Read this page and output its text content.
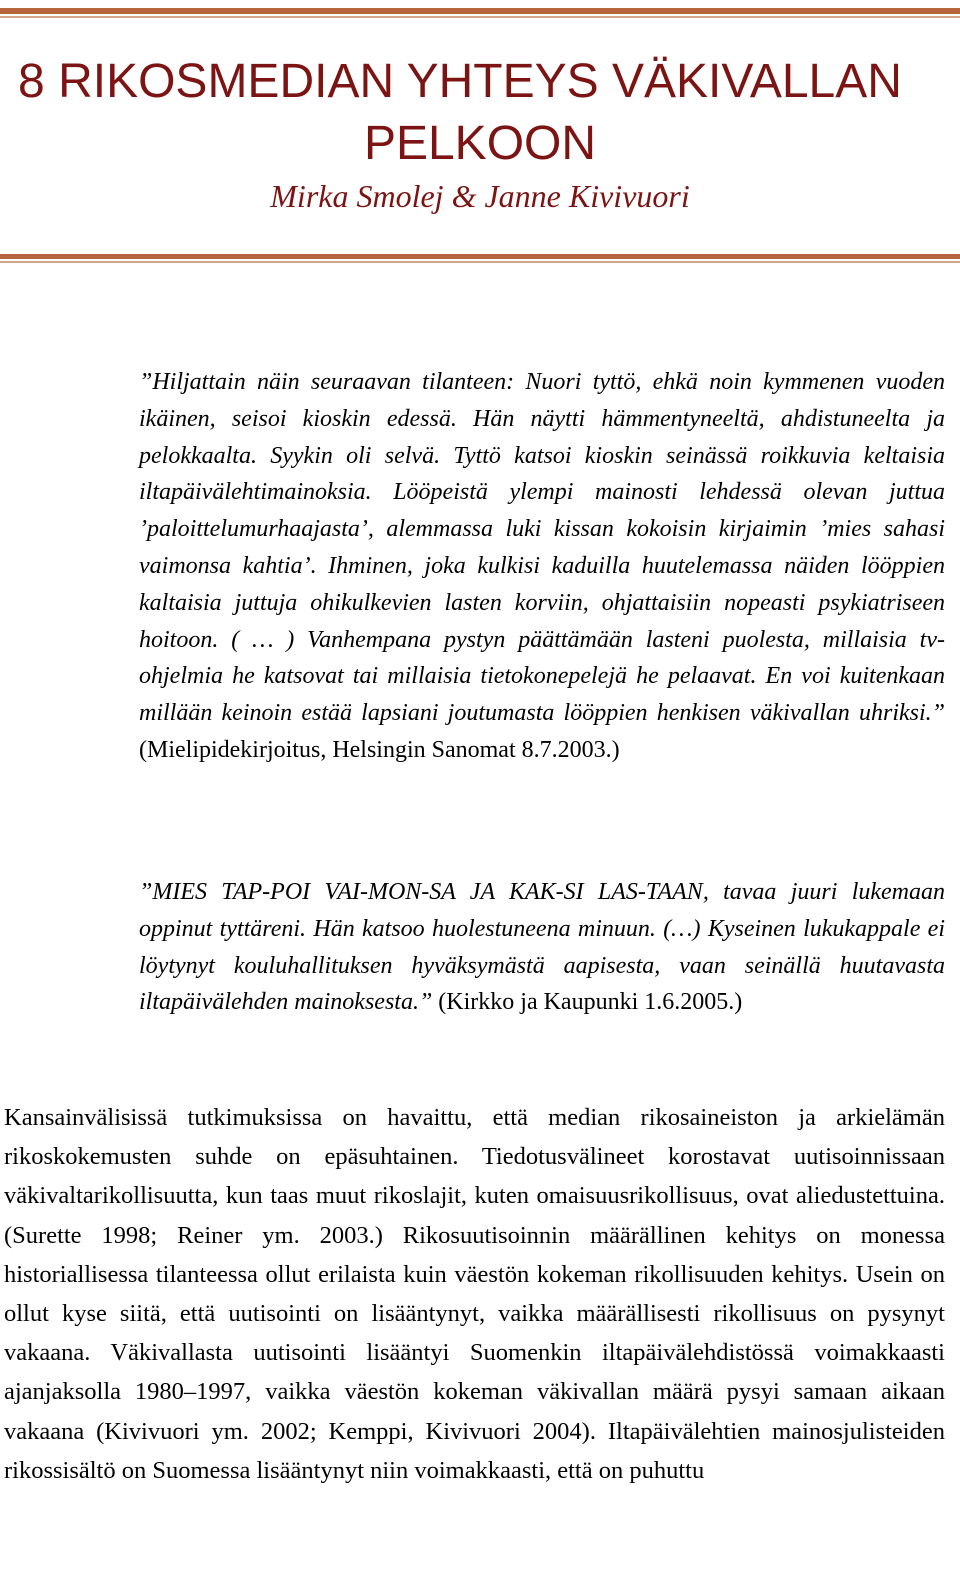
8 RIKOSMEDIAN YHTEYS VÄKIVALLAN
PELKOON
Mirka Smolej & Janne Kivivuori
”Hiljattain näin seuraavan tilanteen: Nuori tyttö, ehkä noin kymmenen vuoden ikäinen, seisoi kioskin edessä. Hän näytti hämmentyneeltä, ahdistuneelta ja pelokkaalta. Syykin oli selvä. Tyttö katsoi kioskin seinässä roikkuvia keltaisia iltapäivälehtimainoksia. Lööpeistä ylempi mainosti lehdessä olevan juttua ’paloittelumurhaajasta’, alemmassa luki kissan kokoisin kirjaimin ’mies sahasi vaimonsa kahtia’. Ihminen, joka kulkisi kaduilla huutelemassa näiden lööppien kaltaisia juttuja ohikulkevien lasten korviin, ohjattaisiin nopeasti psykiatriseen hoitoon. ( … ) Vanhempana pystyn päättämään lasteni puolesta, millaisia tv-ohjelmia he katsovat tai millaisia tietokonepelejä he pelaavat. En voi kuitenkaan millään keinoin estää lapsiani joutumasta lööppien henkisen väkivallan uhriksi.” (Mielipidekirjoitus, Helsingin Sanomat 8.7.2003.)
”MIES TAP-POI VAI-MON-SA JA KAK-SI LAS-TAAN, tavaa juuri lukemaan oppinut tyttäreni. Hän katsoo huolestuneena minuun. (…) Kyseinen lukukappale ei löytynyt kouluhallituksen hyväksymästä aapisesta, vaan seinällä huutavasta iltapäivälehden mainoksesta.” (Kirkko ja Kaupunki 1.6.2005.)
Kansainvälisissä tutkimuksissa on havaittu, että median rikosaineiston ja arkielämän rikoskokemusten suhde on epäsuhtainen. Tiedotusvälineet korostavat uutisoinnissaan väkivaltarikollisuutta, kun taas muut rikoslajit, kuten omaisuusrikollisuus, ovat aliedustettuina. (Surette 1998; Reiner ym. 2003.) Rikosuutisoinnin määrällinen kehitys on monessa historiallisessa tilanteessa ollut erilaista kuin väestön kokeman rikollisuuden kehitys. Usein on ollut kyse siitä, että uutisointi on lisääntynyt, vaikka määrällisesti rikollisuus on pysynyt vakaana. Väkivallasta uutisointi lisääntyi Suomenkin iltapäivälehdistössä voimakkaasti ajanjaksolla 1980–1997, vaikka väestön kokeman väkivallan määrä pysyi samaan aikaan vakaana (Kivivuori ym. 2002; Kemppi, Kivivuori 2004). Iltapäivälehtien mainosjulisteiden rikossisältö on Suomessa lisääntynyt niin voimakkaasti, että on puhuttu
